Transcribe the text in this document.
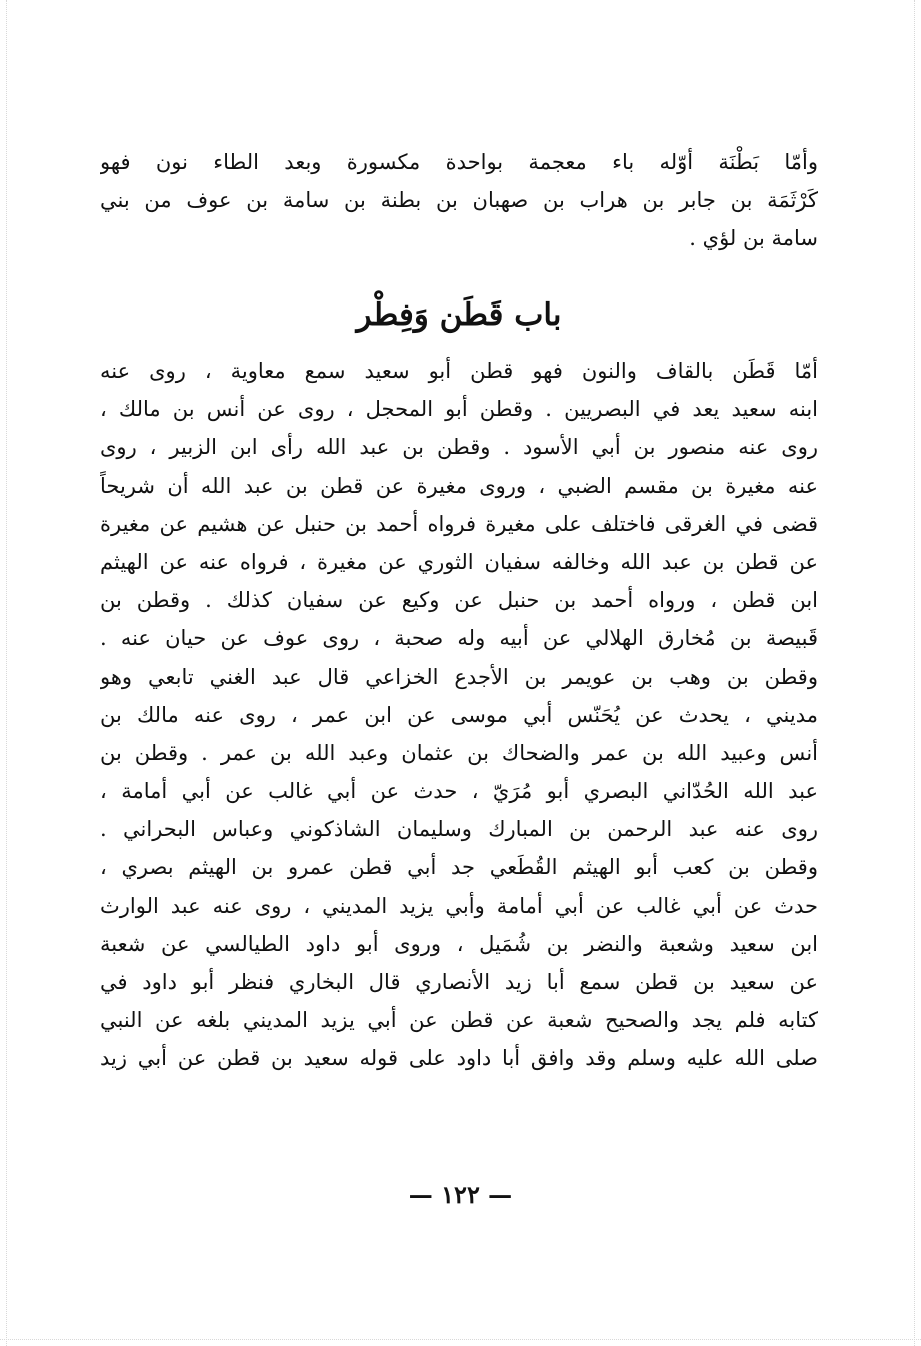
وأمّا بَطْنَة أوّله باء معجمة بواحدة مكسورة وبعد الطاء نون فهو
كَرْثَمَة بن جابر بن هراب بن صهبان بن بطنة بن سامة بن عوف من بني
سامة بن لؤي .
باب قَطَن وَفِطْر
أمّا قَطَن بالقاف والنون فهو قطن أبو سعيد سمع معاوية ، روى عنه
ابنه سعيد يعد في البصريين . وقطن أبو المحجل ، روى عن أنس بن مالك ،
روى عنه منصور بن أبي الأسود . وقطن بن عبد الله رأى ابن الزبير ، روى
عنه مغيرة بن مقسم الضبي ، وروى مغيرة عن قطن بن عبد الله أن شريحاً
قضى في الغرقى فاختلف على مغيرة فرواه أحمد بن حنبل عن هشيم عن مغيرة
عن قطن بن عبد الله وخالفه سفيان الثوري عن مغيرة ، فرواه عنه عن الهيثم
ابن قطن ، ورواه أحمد بن حنبل عن وكيع عن سفيان كذلك . وقطن بن
قَبيصة بن مُخارق الهلالي عن أبيه وله صحبة ، روى عوف عن حيان عنه .
وقطن بن وهب بن عويمر بن الأجدع الخزاعي قال عبد الغني تابعي وهو
مديني ، يحدث عن يُحَنّس أبي موسى عن ابن عمر ، روى عنه مالك بن
أنس وعبيد الله بن عمر والضحاك بن عثمان وعبد الله بن عمر . وقطن بن
عبد الله الحُدّاني البصري أبو مُرَيّ ، حدث عن أبي غالب عن أبي أمامة ،
روى عنه عبد الرحمن بن المبارك وسليمان الشاذكوني وعباس البحراني .
وقطن بن كعب أبو الهيثم القُطَعي جد أبي قطن عمرو بن الهيثم بصري ،
حدث عن أبي غالب عن أبي أمامة وأبي يزيد المديني ، روى عنه عبد الوارث
ابن سعيد وشعبة والنضر بن شُمَيل ، وروى أبو داود الطيالسي عن شعبة
عن سعيد بن قطن سمع أبا زيد الأنصاري قال البخاري فنظر أبو داود في
كتابه فلم يجد والصحيح شعبة عن قطن عن أبي يزيد المديني بلغه عن النبي
صلى الله عليه وسلم وقد وافق أبا داود على قوله سعيد بن قطن عن أبي زيد
— ١٢٢ —
